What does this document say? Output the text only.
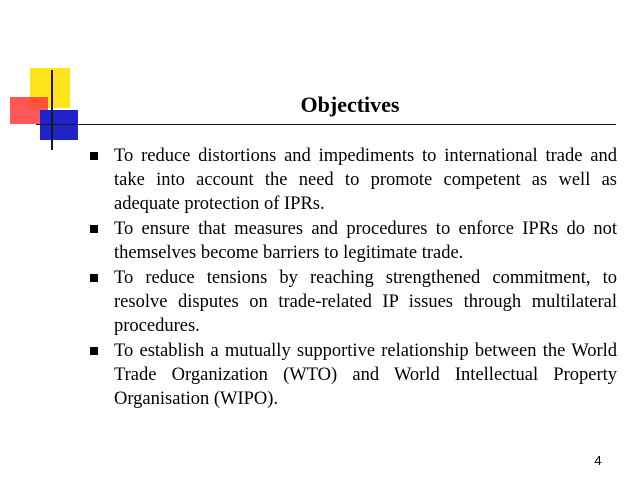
Objectives
To reduce distortions and impediments to international trade and take into account the need to promote competent as well as adequate protection of IPRs.
To ensure that measures and procedures to enforce IPRs do not themselves become barriers to legitimate trade.
To reduce tensions by reaching strengthened commitment, to resolve disputes on trade-related IP issues through multilateral procedures.
To establish a mutually supportive relationship between the World Trade Organization (WTO) and World Intellectual Property Organisation (WIPO).
4
